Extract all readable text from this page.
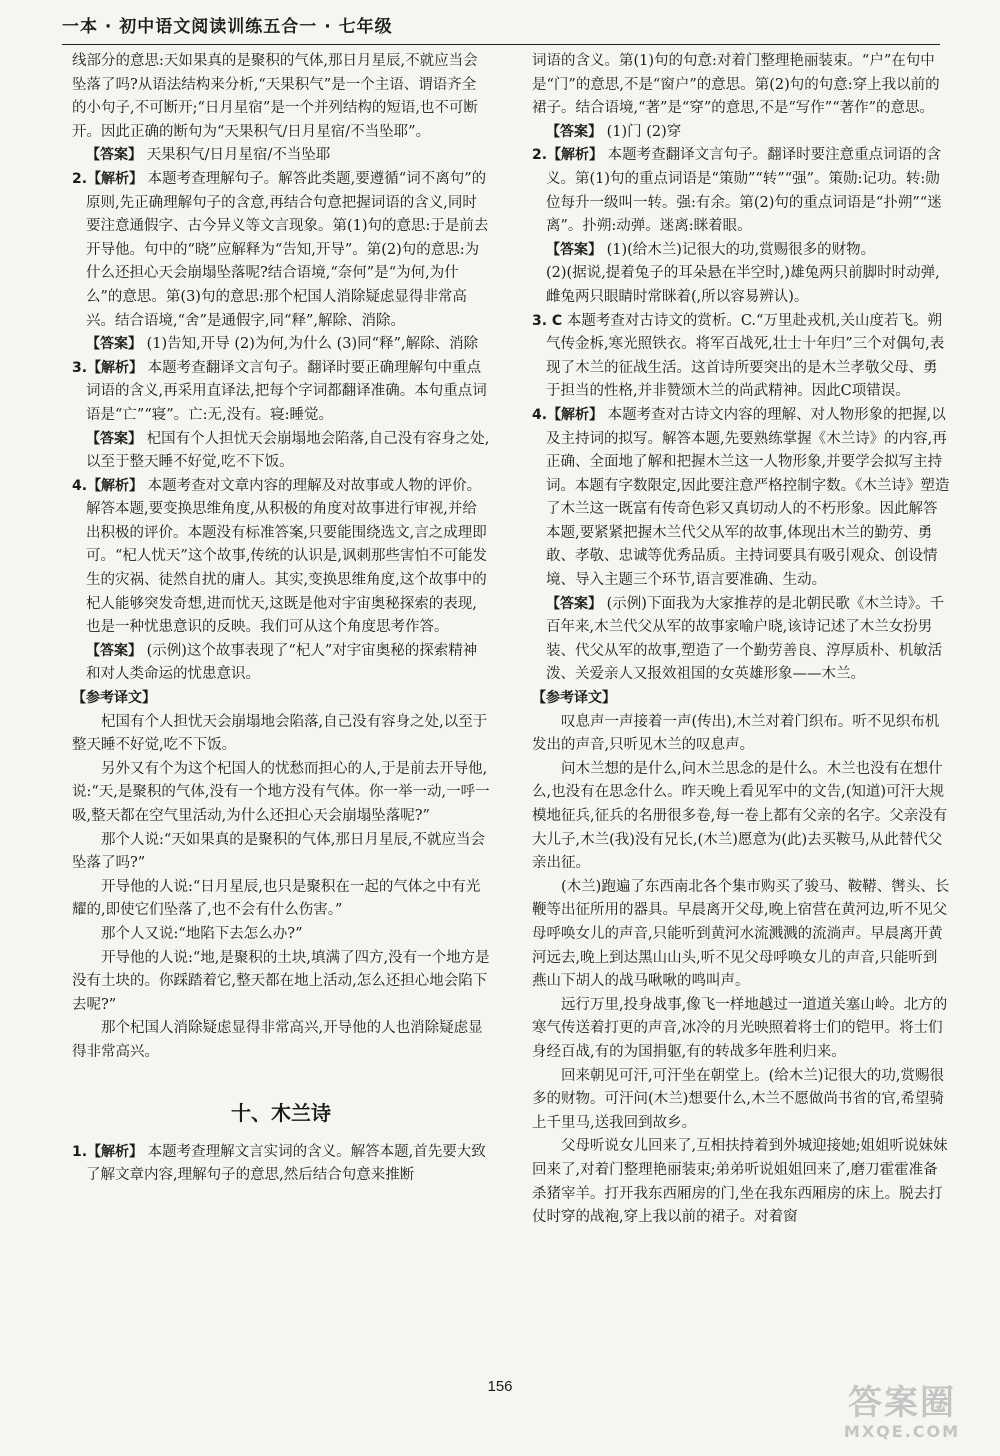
一本 · 初中语文阅读训练五合一 · 七年级

线部分的意思:天如果真的是聚积的气体,那日月星辰,不就应当会坠落了吗?从语法结构来分析,“天果积气”是一个主语、谓语齐全的小句子,不可断开;“日月星宿”是一个并列结构的短语,也不可断开。因此正确的断句为“天果积气/日月星宿/不当坠耶”。

【答案】 天果积气/日月星宿/不当坠耶

2.【解析】 本题考查理解句子。解答此类题,要遵循“词不离句”的原则,先正确理解句子的含意,再结合句意把握词语的含义,同时要注意通假字、古今异义等文言现象。第(1)句的意思:于是前去开导他。句中的“晓”应解释为“告知,开导”。第(2)句的意思:为什么还担心天会崩塌坠落呢?结合语境,“奈何”是“为何,为什么”的意思。第(3)句的意思:那个杞国人消除疑虑显得非常高兴。结合语境,“舍”是通假字,同“释”,解除、消除。

【答案】 (1)告知,开导 (2)为何,为什么 (3)同“释”,解除、消除

3.【解析】 本题考查翻译文言句子。翻译时要正确理解句中重点词语的含义,再采用直译法,把每个字词都翻译准确。本句重点词语是“亡”“寝”。亡:无,没有。寝:睡觉。

【答案】 杞国有个人担忧天会崩塌地会陷落,自己没有容身之处,以至于整天睡不好觉,吃不下饭。

4.【解析】 本题考查对文章内容的理解及对故事或人物的评价。解答本题,要变换思维角度,从积极的角度对故事进行审视,并给出积极的评价。本题没有标准答案,只要能围绕选文,言之成理即可。“杞人忧天”这个故事,传统的认识是,讽刺那些害怕不可能发生的灾祸、徒然自扰的庸人。其实,变换思维角度,这个故事中的杞人能够突发奇想,进而忧天,这既是他对宇宙奥秘探索的表现,也是一种忧患意识的反映。我们可从这个角度思考作答。

【答案】 (示例)这个故事表现了“杞人”对宇宙奥秘的探索精神和对人类命运的忧患意识。

【参考译文】

杞国有个人担忧天会崩塌地会陷落,自己没有容身之处,以至于整天睡不好觉,吃不下饭。

另外又有个为这个杞国人的忧愁而担心的人,于是前去开导他,说:“天,是聚积的气体,没有一个地方没有气体。你一举一动,一呼一吸,整天都在空气里活动,为什么还担心天会崩塌坠落呢?”

那个人说:“天如果真的是聚积的气体,那日月星辰,不就应当会坠落了吗?”

开导他的人说:“日月星辰,也只是聚积在一起的气体之中有光耀的,即使它们坠落了,也不会有什么伤害。”

那个人又说:“地陷下去怎么办?”

开导他的人说:“地,是聚积的土块,填满了四方,没有一个地方是没有土块的。你踩踏着它,整天都在地上活动,怎么还担心地会陷下去呢?”

那个杞国人消除疑虑显得非常高兴,开导他的人也消除疑虑显得非常高兴。

十、木兰诗

1.【解析】 本题考查理解文言实词的含义。解答本题,首先要大致了解文章内容,理解句子的意思,然后结合句意来推断

词语的含义。第(1)句的句意:对着门整理艳丽装束。“户”在句中是“门”的意思,不是“窗户”的意思。第(2)句的句意:穿上我以前的裙子。结合语境,“著”是“穿”的意思,不是“写作”“著作”的意思。

【答案】 (1)门 (2)穿

2.【解析】 本题考查翻译文言句子。翻译时要注意重点词语的含义。第(1)句的重点词语是“策勋”“转”“强”。策勋:记功。转:勋位每升一级叫一转。强:有余。第(2)句的重点词语是“扑朔”“迷离”。扑朔:动弹。迷离:眯着眼。

【答案】 (1)(给木兰)记很大的功,赏赐很多的财物。

(2)(据说,提着兔子的耳朵悬在半空时,)雄兔两只前脚时时动弹,雌兔两只眼睛时常眯着(,所以容易辨认)。

3. C 本题考查对古诗文的赏析。C.“万里赴戎机,关山度若飞。朔气传金柝,寒光照铁衣。将军百战死,壮士十年归”三个对偶句,表现了木兰的征战生活。这首诗所要突出的是木兰孝敬父母、勇于担当的性格,并非赞颂木兰的尚武精神。因此C项错误。

4.【解析】 本题考查对古诗文内容的理解、对人物形象的把握,以及主持词的拟写。解答本题,先要熟练掌握《木兰诗》的内容,再正确、全面地了解和把握木兰这一人物形象,并要学会拟写主持词。本题有字数限定,因此要注意严格控制字数。《木兰诗》塑造了木兰这一既富有传奇色彩又真切动人的不朽形象。因此解答本题,要紧紧把握木兰代父从军的故事,体现出木兰的勤劳、勇敢、孝敬、忠诚等优秀品质。主持词要具有吸引观众、创设情境、导入主题三个环节,语言要准确、生动。

【答案】 (示例)下面我为大家推荐的是北朝民歌《木兰诗》。千百年来,木兰代父从军的故事家喻户晓,该诗记述了木兰女扮男装、代父从军的故事,塑造了一个勤劳善良、淳厚质朴、机敏活泼、关爱亲人又报效祖国的女英雄形象——木兰。

【参考译文】

叹息声一声接着一声(传出),木兰对着门织布。听不见织布机发出的声音,只听见木兰的叹息声。

问木兰想的是什么,问木兰思念的是什么。木兰也没有在想什么,也没有在思念什么。昨天晚上看见军中的文告,(知道)可汗大规模地征兵,征兵的名册很多卷,每一卷上都有父亲的名字。父亲没有大儿子,木兰(我)没有兄长,(木兰)愿意为(此)去买鞍马,从此替代父亲出征。

(木兰)跑遍了东西南北各个集市购买了骏马、鞍鞯、辔头、长鞭等出征所用的器具。早晨离开父母,晚上宿营在黄河边,听不见父母呼唤女儿的声音,只能听到黄河水流溅溅的流淌声。早晨离开黄河远去,晚上到达黑山山头,听不见父母呼唤女儿的声音,只能听到燕山下胡人的战马啾啾的鸣叫声。

远行万里,投身战事,像飞一样地越过一道道关塞山岭。北方的寒气传送着打更的声音,冰冷的月光映照着将士们的铠甲。将士们身经百战,有的为国捐躯,有的转战多年胜利归来。

回来朝见可汗,可汗坐在朝堂上。(给木兰)记很大的功,赏赐很多的财物。可汗问(木兰)想要什么,木兰不愿做尚书省的官,希望骑上千里马,送我回到故乡。

父母听说女儿回来了,互相扶持着到外城迎接她;姐姐听说妹妹回来了,对着门整理艳丽装束;弟弟听说姐姐回来了,磨刀霍霍准备杀猪宰羊。打开我东西厢房的门,坐在我东西厢房的床上。脱去打仗时穿的战袍,穿上我以前的裙子。对着窗

156	答案圈
MXQE.COM
